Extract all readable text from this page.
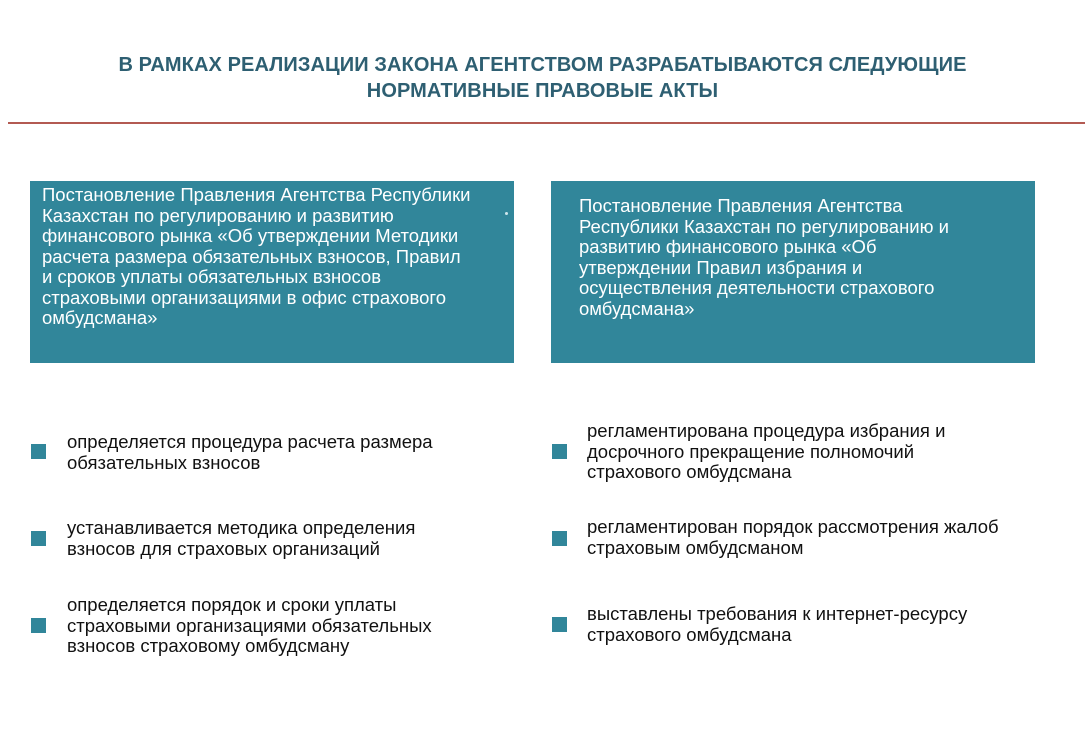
В РАМКАХ РЕАЛИЗАЦИИ ЗАКОНА АГЕНТСТВОМ РАЗРАБАТЫВАЮТСЯ СЛЕДУЮЩИЕ
НОРМАТИВНЫЕ ПРАВОВЫЕ АКТЫ
Постановление Правления Агентства Республики
Казахстан по регулированию и развитию
финансового рынка «Об утверждении Методики
расчета размера обязательных взносов, Правил
и сроков уплаты обязательных взносов
страховыми организациями в офис страхового
омбудсмана»
Постановление Правления Агентства
Республики Казахстан по регулированию и
развитию финансового рынка «Об
утверждении Правил избрания и
осуществления деятельности страхового
омбудсмана»
определяется процедура расчета размера
обязательных взносов
устанавливается методика определения
взносов для страховых организаций
определяется порядок и сроки уплаты
страховыми организациями обязательных
взносов страховому омбудсману
регламентирована процедура избрания и
досрочного прекращение полномочий
страхового омбудсмана
регламентирован порядок рассмотрения жалоб
страховым омбудсманом
выставлены требования к интернет-ресурсу
страхового омбудсмана
